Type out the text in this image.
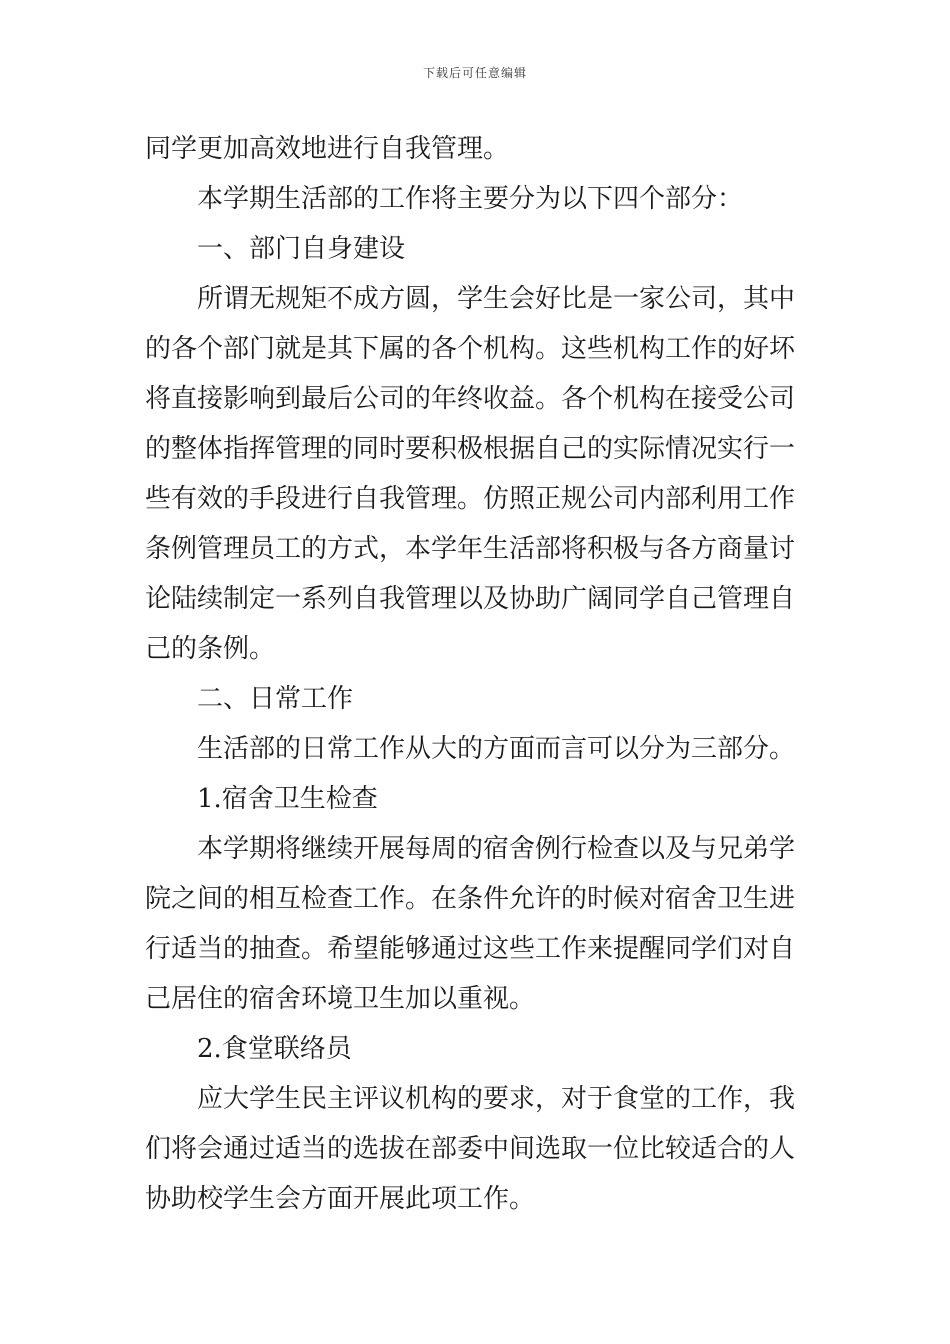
下载后可任意编辑
同学更加高效地进行自我管理。
本学期生活部的工作将主要分为以下四个部分：
一、部门自身建设
所谓无规矩不成方圆，学生会好比是一家公司，其中
的各个部门就是其下属的各个机构。这些机构工作的好坏
将直接影响到最后公司的年终收益。各个机构在接受公司
的整体指挥管理的同时要积极根据自己的实际情况实行一
些有效的手段进行自我管理。仿照正规公司内部利用工作
条例管理员工的方式，本学年生活部将积极与各方商量讨
论陆续制定一系列自我管理以及协助广阔同学自己管理自
己的条例。
二、日常工作
生活部的日常工作从大的方面而言可以分为三部分。
1.宿舍卫生检查
本学期将继续开展每周的宿舍例行检查以及与兄弟学
院之间的相互检查工作。在条件允许的时候对宿舍卫生进
行适当的抽查。希望能够通过这些工作来提醒同学们对自
己居住的宿舍环境卫生加以重视。
2.食堂联络员
应大学生民主评议机构的要求，对于食堂的工作，我
们将会通过适当的选拔在部委中间选取一位比较适合的人
协助校学生会方面开展此项工作。
